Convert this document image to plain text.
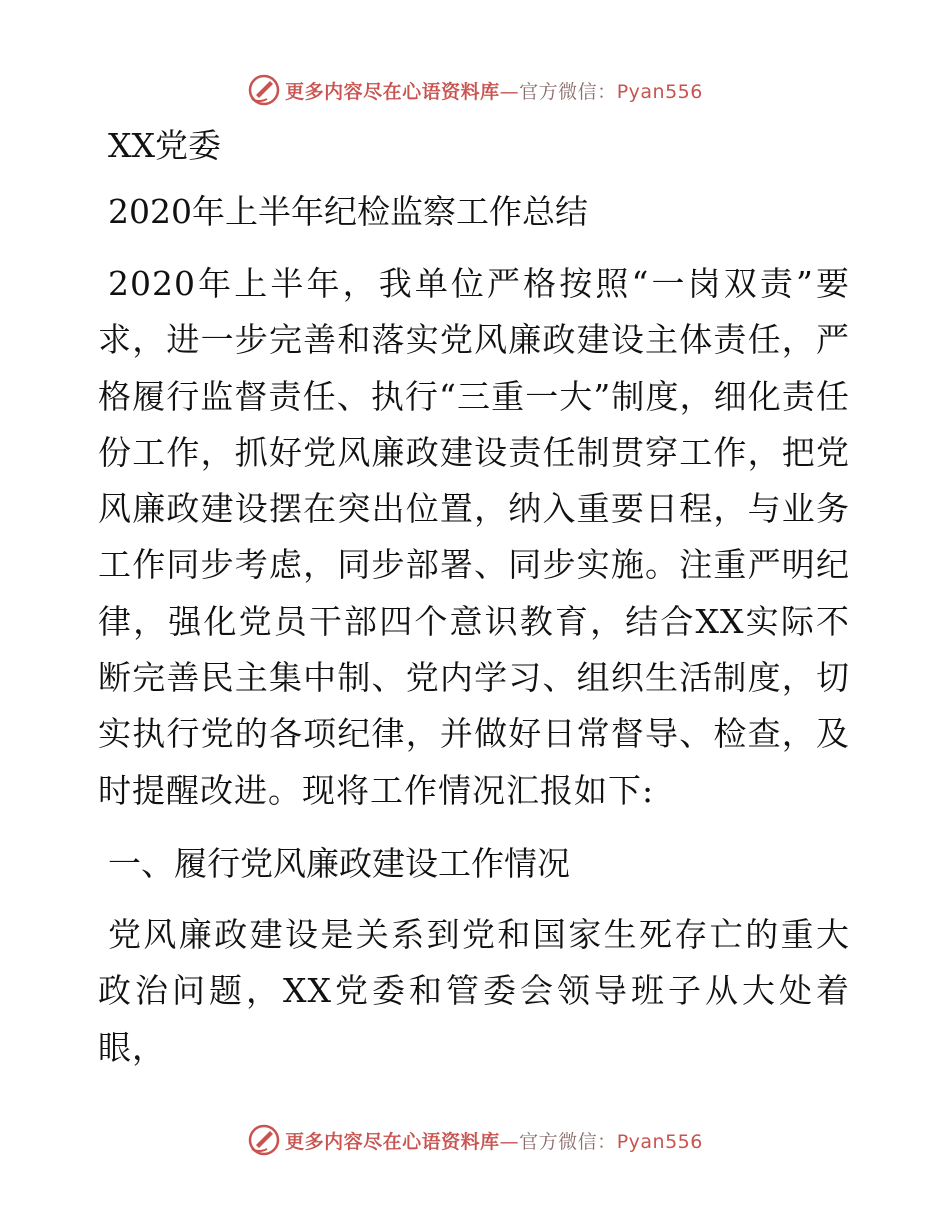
更多内容尽在心语资料库—官方微信：Pyan556

XX党委

2020年上半年纪检监察工作总结

2020年上半年，我单位严格按照“一岗双责”要求，进一步完善和落实党风廉政建设主体责任，严格履行监督责任、执行“三重一大”制度，细化责任份工作，抓好党风廉政建设责任制贯穿工作，把党风廉政建设摆在突出位置，纳入重要日程，与业务工作同步考虑，同步部署、同步实施。注重严明纪律，强化党员干部四个意识教育，结合XX实际不断完善民主集中制、党内学习、组织生活制度，切实执行党的各项纪律，并做好日常督导、检查，及时提醒改进。现将工作情况汇报如下:

一、履行党风廉政建设工作情况

党风廉政建设是关系到党和国家生死存亡的重大政治问题，XX党委和管委会领导班子从大处着眼，

更多内容尽在心语资料库—官方微信：Pyan556
